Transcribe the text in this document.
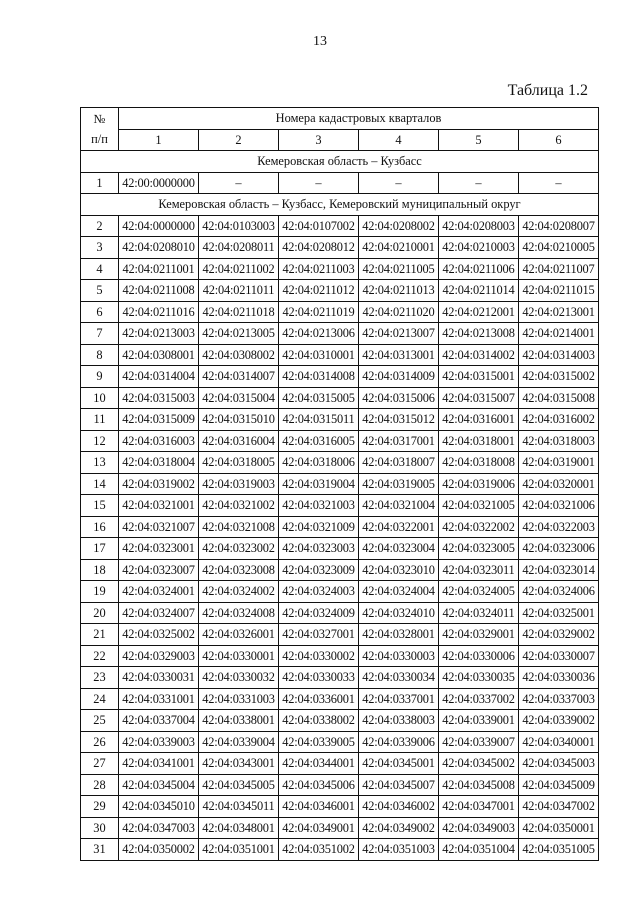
13
Таблица 1.2
№
п/п	Номера кадастровых кварталов					
	1	2	3	4	5	6
Кемеровская область – Кузбасс						
1	42:00:0000000	–	–	–	–	–
Кемеровская область – Кузбасс, Кемеровский муниципальный округ						
2	42:04:0000000	42:04:0103003	42:04:0107002	42:04:0208002	42:04:0208003	42:04:0208007
3	42:04:0208010	42:04:0208011	42:04:0208012	42:04:0210001	42:04:0210003	42:04:0210005
4	42:04:0211001	42:04:0211002	42:04:0211003	42:04:0211005	42:04:0211006	42:04:0211007
5	42:04:0211008	42:04:0211011	42:04:0211012	42:04:0211013	42:04:0211014	42:04:0211015
6	42:04:0211016	42:04:0211018	42:04:0211019	42:04:0211020	42:04:0212001	42:04:0213001
7	42:04:0213003	42:04:0213005	42:04:0213006	42:04:0213007	42:04:0213008	42:04:0214001
8	42:04:0308001	42:04:0308002	42:04:0310001	42:04:0313001	42:04:0314002	42:04:0314003
9	42:04:0314004	42:04:0314007	42:04:0314008	42:04:0314009	42:04:0315001	42:04:0315002
10	42:04:0315003	42:04:0315004	42:04:0315005	42:04:0315006	42:04:0315007	42:04:0315008
11	42:04:0315009	42:04:0315010	42:04:0315011	42:04:0315012	42:04:0316001	42:04:0316002
12	42:04:0316003	42:04:0316004	42:04:0316005	42:04:0317001	42:04:0318001	42:04:0318003
13	42:04:0318004	42:04:0318005	42:04:0318006	42:04:0318007	42:04:0318008	42:04:0319001
14	42:04:0319002	42:04:0319003	42:04:0319004	42:04:0319005	42:04:0319006	42:04:0320001
15	42:04:0321001	42:04:0321002	42:04:0321003	42:04:0321004	42:04:0321005	42:04:0321006
16	42:04:0321007	42:04:0321008	42:04:0321009	42:04:0322001	42:04:0322002	42:04:0322003
17	42:04:0323001	42:04:0323002	42:04:0323003	42:04:0323004	42:04:0323005	42:04:0323006
18	42:04:0323007	42:04:0323008	42:04:0323009	42:04:0323010	42:04:0323011	42:04:0323014
19	42:04:0324001	42:04:0324002	42:04:0324003	42:04:0324004	42:04:0324005	42:04:0324006
20	42:04:0324007	42:04:0324008	42:04:0324009	42:04:0324010	42:04:0324011	42:04:0325001
21	42:04:0325002	42:04:0326001	42:04:0327001	42:04:0328001	42:04:0329001	42:04:0329002
22	42:04:0329003	42:04:0330001	42:04:0330002	42:04:0330003	42:04:0330006	42:04:0330007
23	42:04:0330031	42:04:0330032	42:04:0330033	42:04:0330034	42:04:0330035	42:04:0330036
24	42:04:0331001	42:04:0331003	42:04:0336001	42:04:0337001	42:04:0337002	42:04:0337003
25	42:04:0337004	42:04:0338001	42:04:0338002	42:04:0338003	42:04:0339001	42:04:0339002
26	42:04:0339003	42:04:0339004	42:04:0339005	42:04:0339006	42:04:0339007	42:04:0340001
27	42:04:0341001	42:04:0343001	42:04:0344001	42:04:0345001	42:04:0345002	42:04:0345003
28	42:04:0345004	42:04:0345005	42:04:0345006	42:04:0345007	42:04:0345008	42:04:0345009
29	42:04:0345010	42:04:0345011	42:04:0346001	42:04:0346002	42:04:0347001	42:04:0347002
30	42:04:0347003	42:04:0348001	42:04:0349001	42:04:0349002	42:04:0349003	42:04:0350001
31	42:04:0350002	42:04:0351001	42:04:0351002	42:04:0351003	42:04:0351004	42:04:0351005
